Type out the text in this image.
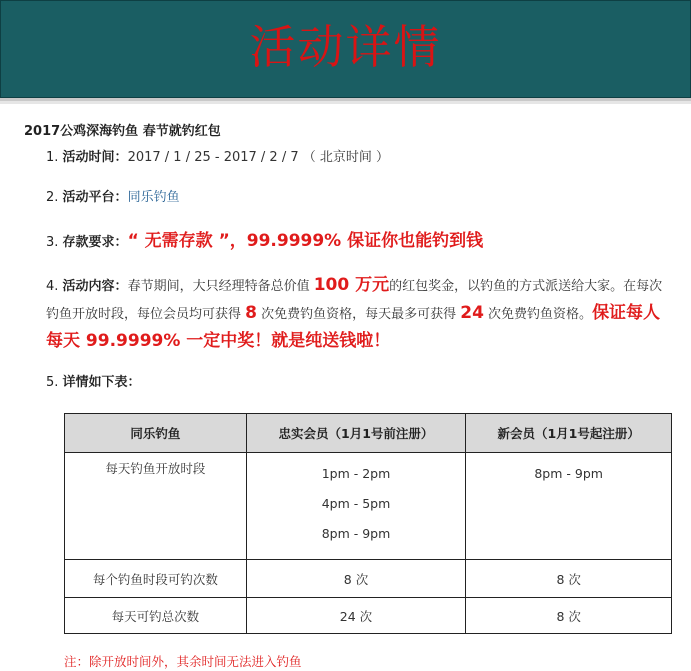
活动详情
2017公鸡深海钓鱼 春节就钓红包
1. 活动时间：2017 / 1 / 25 - 2017 / 2 / 7 （ 北京时间 ）
2. 活动平台：同乐钓鱼
3. 存款要求：“ 无需存款 ”，99.9999% 保证你也能钓到钱
4. 活动内容：春节期间，大只经理特备总价值 100 万元的红包奖金，以钓鱼的方式派送给大家。在每次钓鱼开放时段，每位会员均可获得 8 次免费钓鱼资格，每天最多可获得 24 次免费钓鱼资格。保证每人每天 99.9999% 一定中奖！就是纯送钱啦！
5. 详情如下表：
同乐钓鱼	忠实会员（1月1号前注册）	新会员（1月1号起注册）
每天钓鱼开放时段	1pm - 2pm
4pm - 5pm
8pm - 9pm	8pm - 9pm

每个钓鱼时段可钓次数	8 次	8 次
每天可钓总次数	24 次	8 次
注：除开放时间外，其余时间无法进入钓鱼
